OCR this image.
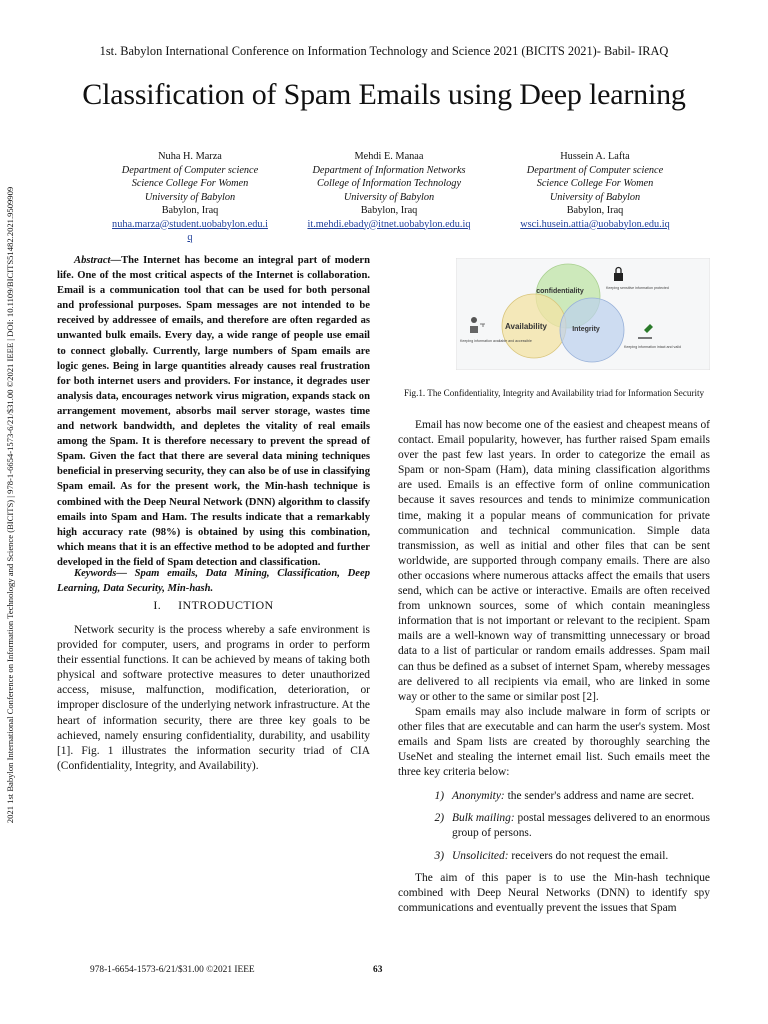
1st. Babylon International Conference on Information Technology and Science 2021 (BICITS 2021)- Babil- IRAQ
Classification of Spam Emails using Deep learning
2021 1st Babylon International Conference on Information Technology and Science (BICITS) | 978-1-6654-1573-6/21/$31.00 ©2021 IEEE | DOI: 10.1109/BICITS51482.2021.9509909
Nuha H. Marza
Department of Computer science
Science College For Women
University of Babylon
Babylon, Iraq
nuha.marza@student.uobabylon.edu.i
q
Mehdi E. Manaa
Department of Information Networks
College of Information Technology
University of Babylon
Babylon, Iraq
it.mehdi.ebady@itnet.uobabylon.edu.iq
Hussein A. Lafta
Department of Computer science
Science College For Women
University of Babylon
Babylon, Iraq
wsci.husein.attia@uobabylon.edu.iq

Abstract—The Internet has become an integral part of modern life. One of the most critical aspects of the Internet is collaboration. Email is a communication tool that can be used for both personal and professional purposes. Spam messages are not intended to be received by addressee of emails, and therefore are often regarded as unwanted bulk emails. Every day, a wide range of people use email to connect globally. Currently, large numbers of Spam emails are logic genes. Being in large quantities already causes real frustration for both internet users and providers. For instance, it degrades user analysis data, encourages network virus migration, expands stack on arrangement movement, absorbs mail server storage, wastes time and network bandwidth, and depletes the vitality of real emails among the Spam. It is therefore necessary to prevent the spread of Spam. Given the fact that there are several data mining techniques beneficial in preserving security, they can also be of use in classifying Spam email. As for the present work, the Min-hash technique is combined with the Deep Neural Network (DNN) algorithm to classify emails into Spam and Ham. The results indicate that a remarkably high accuracy rate (98%) is obtained by using this combination, which means that it is an effective method to be adopted and further developed in the field of Spam detection and classification.

Keywords— Spam emails, Data Mining, Classification, Deep Learning, Data Security, Min-hash.

I. INTRODUCTION

Network security is the process whereby a safe environment is provided for computer, users, and programs in order to perform their essential functions. It can be achieved by means of taking both physical and software protective measures to deter unauthorized access, misuse, malfunction, modification, deterioration, or improper disclosure of the underlying network infrastructure. At the heart of information security, there are three key goals to be achieved, namely ensuring confidentiality, durability, and usability [1]. Fig. 1 illustrates the information security triad of CIA (Confidentiality, Integrity, and Availability).

confidentiality
Availability	Integrity
Keeping sensitive information protected
Keeping information intact and valid
Keeping information available and accessible
Fig.1. The Confidentiality, Integrity and Availability triad for Information Security

Email has now become one of the easiest and cheapest means of contact. Email popularity, however, has further raised Spam emails over the past few last years. In order to categorize the email as Spam or non-Spam (Ham), data mining classification algorithms are used. Emails is an effective form of online communication because it saves resources and tends to minimize communication time, making it a popular means of communication for private communication and technical communication. Simple data transmission, as well as initial and other files that can be sent worldwide, are supported through company emails. There are also other occasions where numerous attacks affect the emails that users send, which can be active or interactive. Emails are often received from unknown sources, some of which contain meaningless information that is not important or relevant to the recipient. Spam mails are a well-known way of transmitting unnecessary or broad data to a list of particular or random emails addresses. Spam mail can thus be defined as a subset of internet Spam, whereby messages are delivered to all recipients via email, who are linked in some way or other to the same or similar post [2].

Spam emails may also include malware in form of scripts or other files that are executable and can harm the user's system. Most emails and Spam lists are created by thoroughly searching the UseNet and stealing the internet email list. Such emails meet the three key criteria below:

1) Anonymity: the sender's address and name are secret.
2) Bulk mailing: postal messages delivered to an enormous group of persons.
3) Unsolicited: receivers do not request the email.

The aim of this paper is to use the Min-hash technique combined with Deep Neural Networks (DNN) to identify spy communications and eventually prevent the issues that Spam

978-1-6654-1573-6/21/$31.00 ©2021 IEEE	63
